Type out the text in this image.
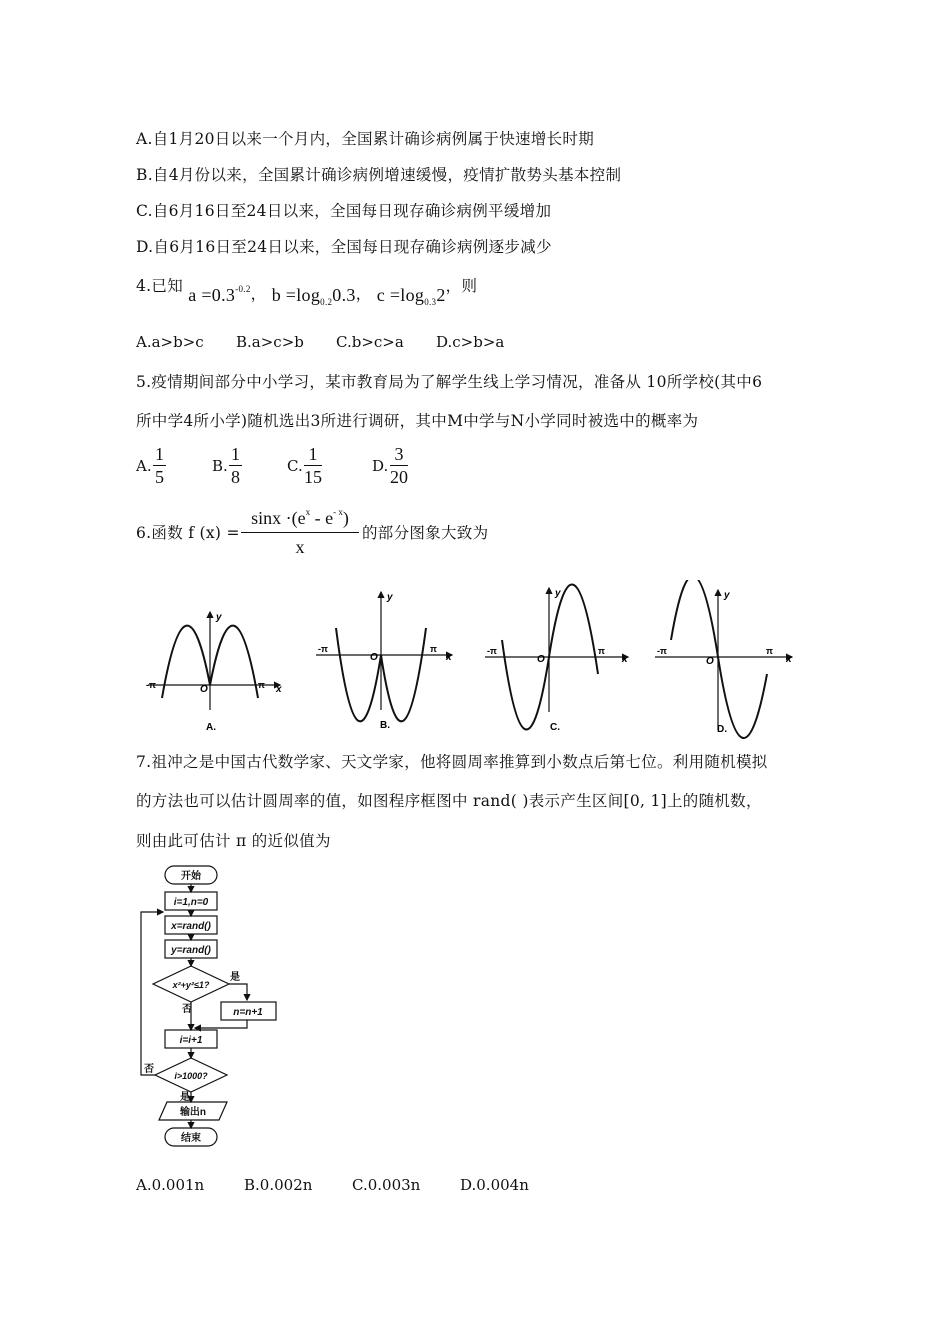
A.自1月20日以来一个月内，全国累计确诊病例属于快速增长时期
B.自4月份以来，全国累计确诊病例增速缓慢，疫情扩散势头基本控制
C.自6月16日至24日以来，全国每日现存确诊病例平缓增加
D.自6月16日至24日以来，全国每日现存确诊病例逐步减少
4.已知 $a =0.3^{-0.2}$， $b =\log_{0.2}0.3$， $c =\log_{0.3}2$，则
A.a>b>c B.a>c>b C.b>c>a D.c>b>a
5.疫情期间部分中小学习，某市教育局为了解学生线上学习情况，准备从 10所学校(其中6
所中学4所小学)随机选出3所进行调研，其中M中学与N小学同时被选中的概率为
A. $\frac{1}{5}$	B. $\frac{1}{8}$	C. $\frac{1}{15}$	D. $\frac{3}{20}$
6.函数 f $(x) = \frac{\sin x \cdot(e^x - e^{- x})}{x}$ 的部分图象大致为
y
x
O
-π	π
A.
y
x
O
-π	π
B.
y
x
O
-π	π
C.
y
x
O
-π	π
D.
7.祖冲之是中国古代数学家、天文学家，他将圆周率推算到小数点后第七位。利用随机模拟
的方法也可以估计圆周率的值，如图程序框图中 rand( )表示产生区间[0, 1]上的随机数，
则由此可估计 π 的近似值为
开始
i=1,n=0
x=rand()
y=rand()
x²+y²≤1?
是
否	n=n+1
i=i+1
i>1000?
否
是
输出n
结束
A.0.001n	B.0.002n	C.0.003n	D.0.004n
